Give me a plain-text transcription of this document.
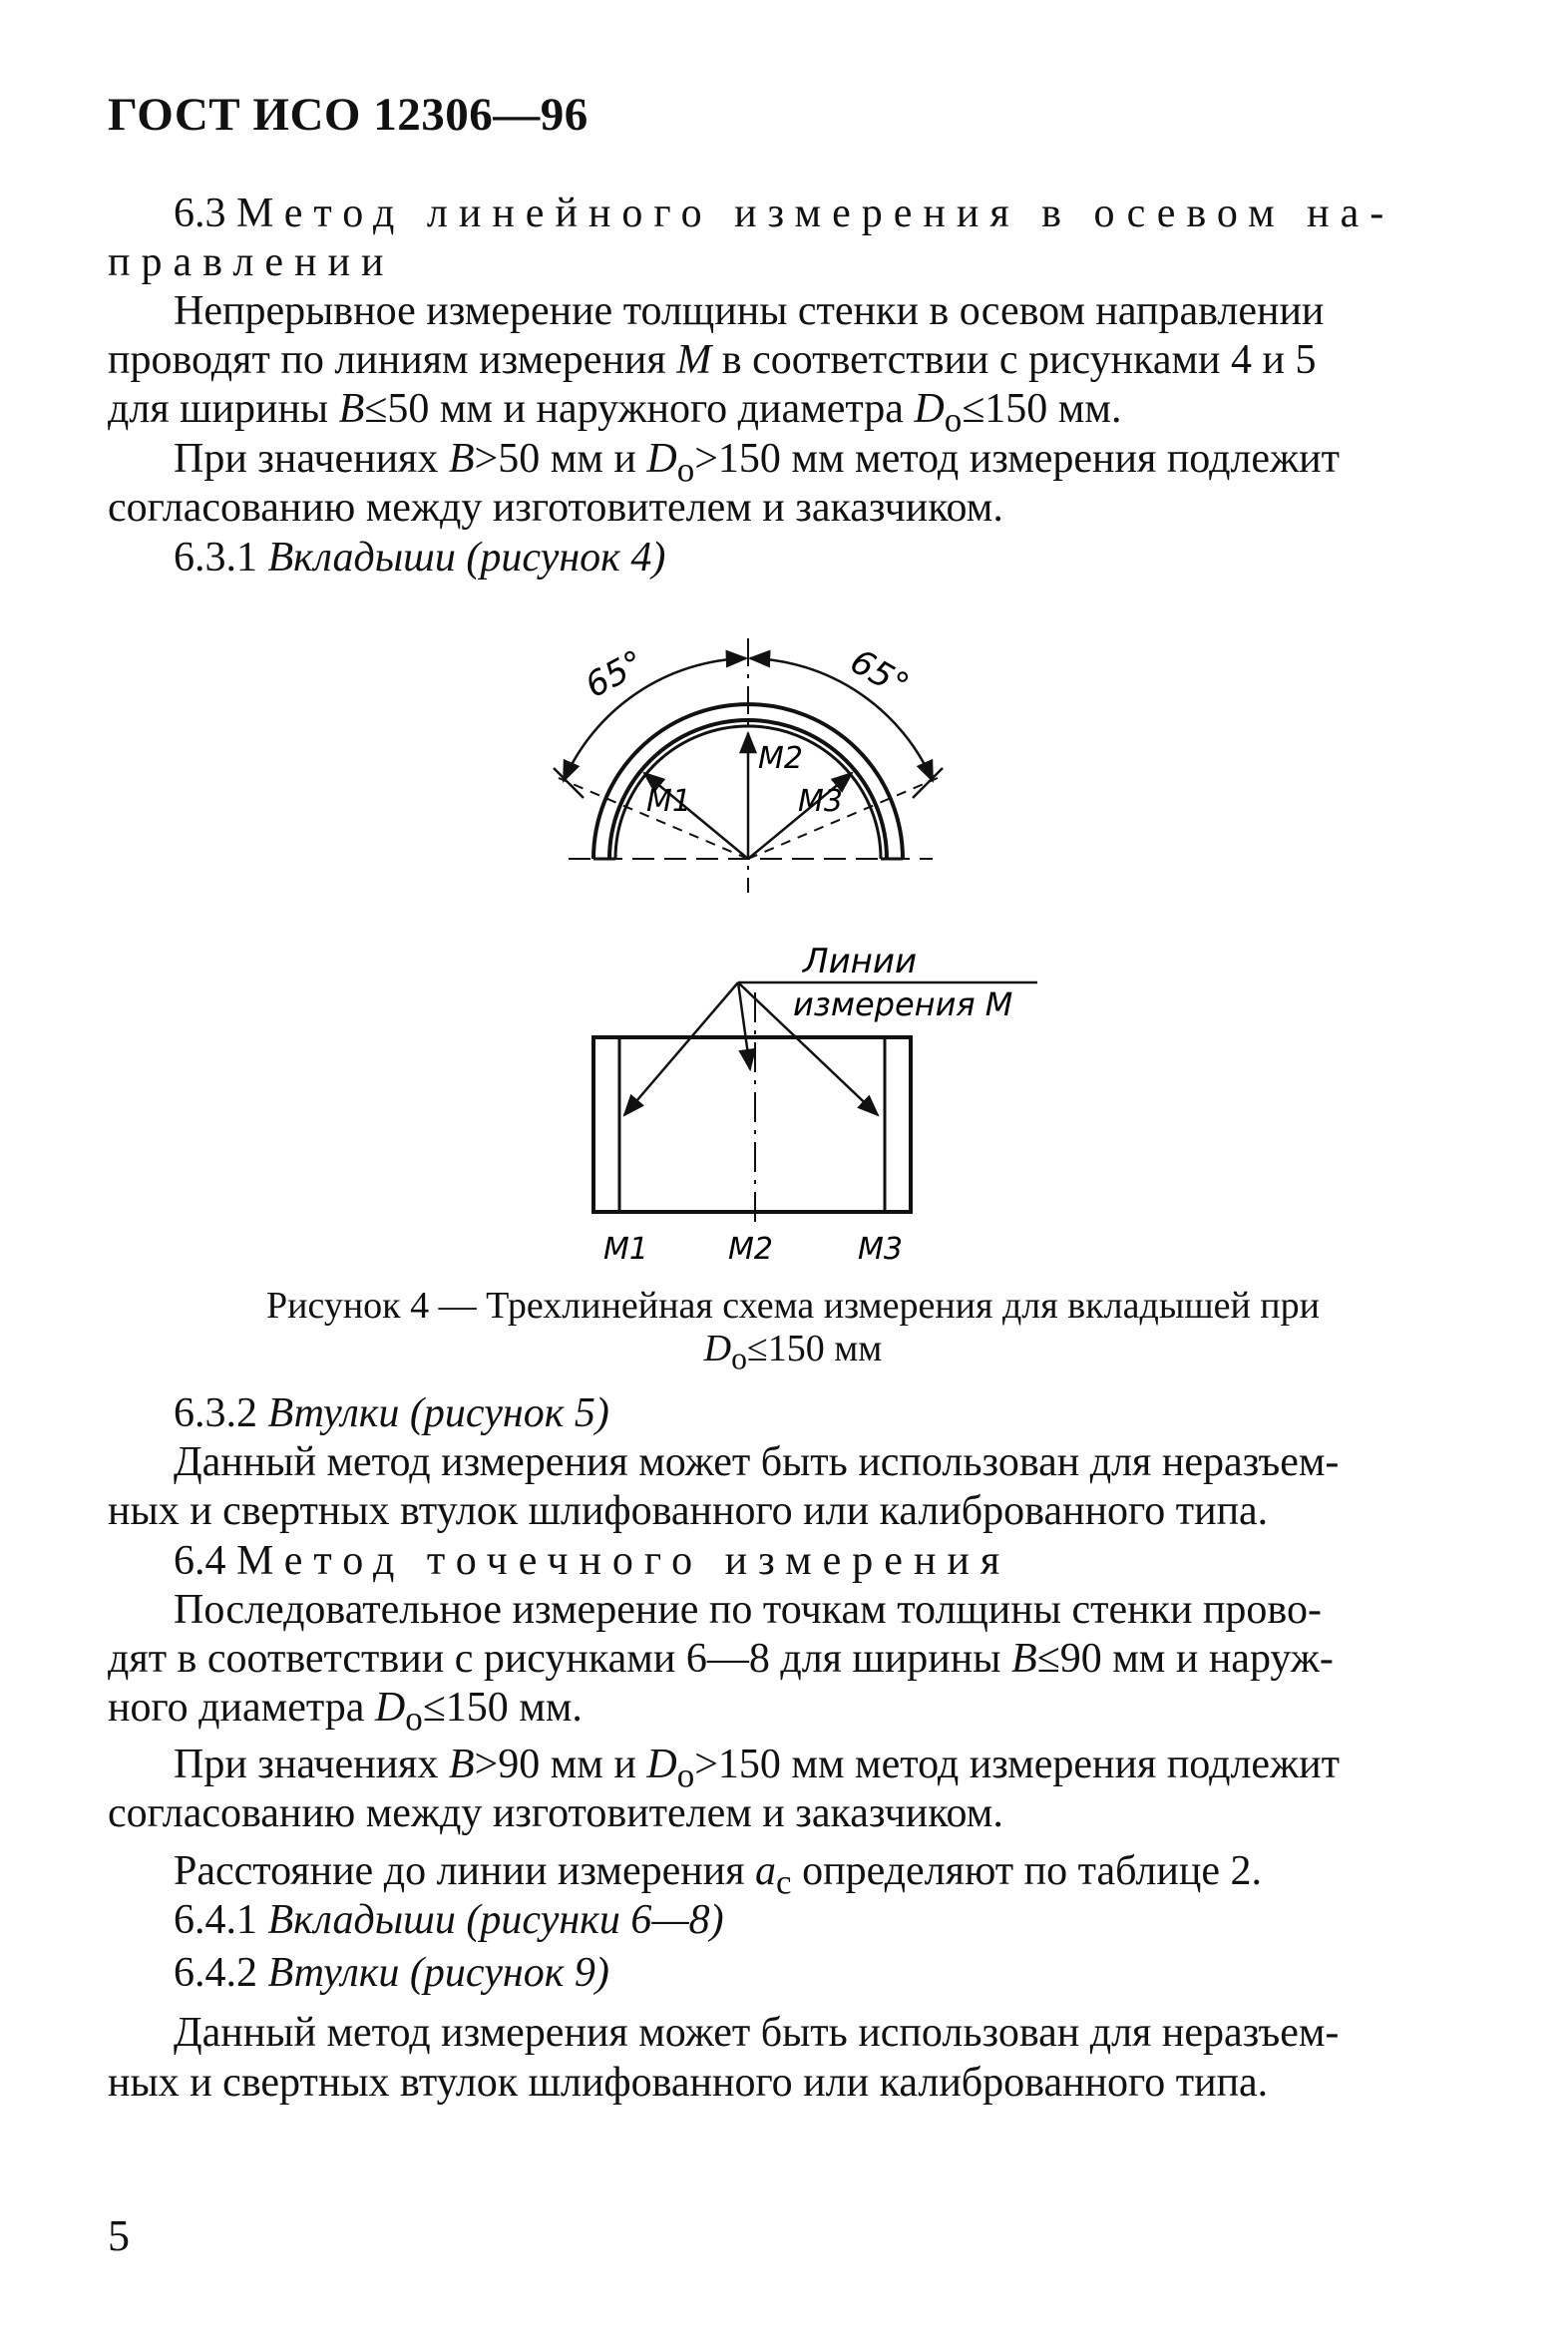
ГОСТ ИСО 12306—96
6.3 Метод линейного измерения в осевом на-
правлении
Непрерывное измерение толщины стенки в осевом направлении
проводят по линиям измерения M в соответствии с рисунками 4 и 5
для ширины B≤50 мм и наружного диаметра $D_o\le 150$ мм.
При значениях B>50 мм и $D_o>150$ мм метод измерения подлежит
согласованию между изготовителем и заказчиком.
6.3.1 Вкладыши (рисунок 4)
65°	65°
M1
M2
M3
Линии
измерения M
M1	M2	M3
Рисунок 4 — Трехлинейная схема измерения для вкладышей при
$D_o\le 150$ мм
6.3.2 Втулки (рисунок 5)
Данный метод измерения может быть использован для неразъем-
ных и свертных втулок шлифованного или калиброванного типа.
6.4 Метод точечного измерения
Последовательное измерение по точкам толщины стенки прово-
дят в соответствии с рисунками 6—8 для ширины B≤90 мм и наруж-
ного диаметра $D_o\le 150$ мм.
При значениях B>90 мм и $D_o>150$ мм метод измерения подлежит
согласованию между изготовителем и заказчиком.
Расстояние до линии измерения $a_c$ определяют по таблице 2.
6.4.1 Вкладыши (рисунки 6—8)
6.4.2 Втулки (рисунок 9)
Данный метод измерения может быть использован для неразъем-
ных и свертных втулок шлифованного или калиброванного типа.
5
